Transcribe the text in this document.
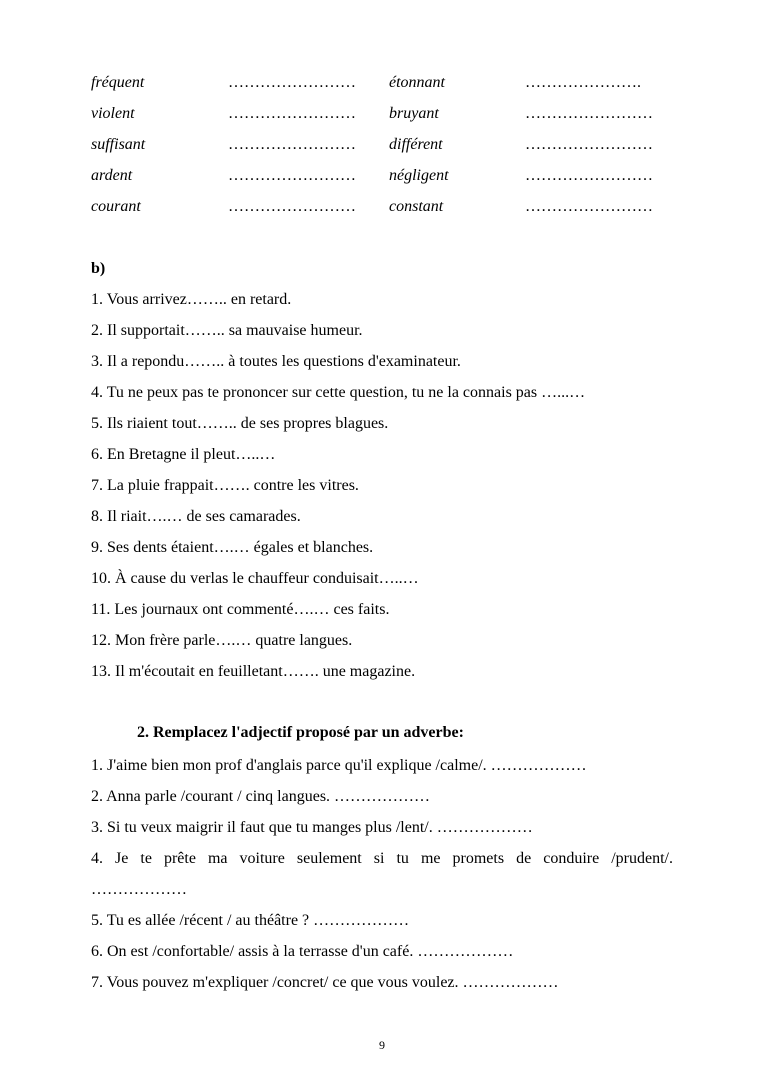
fréquent	…………………… étonnant	………………….
violent	…………………… bruyant	……………………
suffisant	…………………… différent	……………………
ardent	…………………… négligent	……………………
courant	…………………… constant	……………………
b)
1. Vous arrivez…….. en retard.
2. Il supportait…….. sa mauvaise humeur.
3. Il a repondu…….. à toutes les questions d'examinateur.
4. Tu ne peux pas te prononcer sur cette question, tu ne la connais pas …...…
5. Ils riaient tout…….. de ses propres blagues.
6. En Bretagne il pleut…..…
7. La pluie frappait……. contre les vitres.
8. Il riait….… de ses camarades.
9. Ses dents étaient….… égales et blanches.
10. À cause du verlas le chauffeur conduisait…..…
11. Les journaux ont commenté….… ces faits.
12. Mon frère parle….… quatre langues.
13. Il m'écoutait en feuilletant……. une magazine.
2. Remplacez l'adjectif proposé par un adverbe:
1. J'aime bien mon prof d'anglais parce qu'il explique /calme/. ………………
2. Anna parle /courant / cinq langues. ………………
3. Si tu veux maigrir il faut que tu manges plus /lent/. ………………
4. Je te prête ma voiture seulement si tu me promets de conduire /prudent/.
………………
5. Tu es allée /récent / au théâtre ? ………………
6. On est /confortable/ assis à la terrasse d'un café. ………………
7. Vous pouvez m'expliquer /concret/ ce que vous voulez. ………………
9
